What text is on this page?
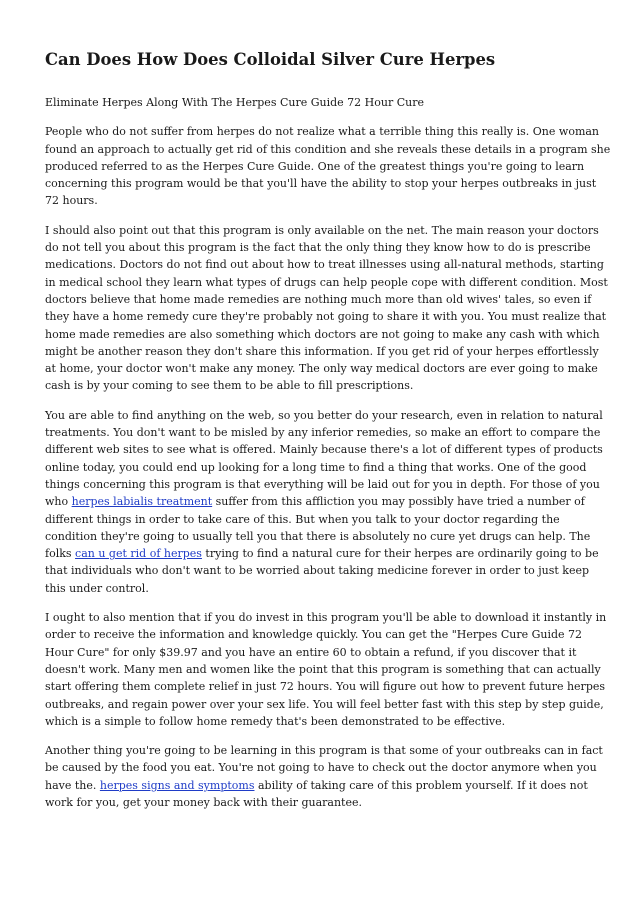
Can Does How Does Colloidal Silver Cure Herpes
Eliminate Herpes Along With The Herpes Cure Guide 72 Hour Cure

People who do not suffer from herpes do not realize what a terrible thing this really is. One woman
found an approach to actually get rid of this condition and she reveals these details in a program she
produced referred to as the Herpes Cure Guide. One of the greatest things you're going to learn
concerning this program would be that you'll have the ability to stop your herpes outbreaks in just
72 hours.

I should also point out that this program is only available on the net. The main reason your doctors
do not tell you about this program is the fact that the only thing they know how to do is prescribe
medications. Doctors do not find out about how to treat illnesses using all-natural methods, starting
in medical school they learn what types of drugs can help people cope with different condition. Most
doctors believe that home made remedies are nothing much more than old wives' tales, so even if
they have a home remedy cure they're probably not going to share it with you. You must realize that
home made remedies are also something which doctors are not going to make any cash with which
might be another reason they don't share this information. If you get rid of your herpes effortlessly
at home, your doctor won't make any money. The only way medical doctors are ever going to make
cash is by your coming to see them to be able to fill prescriptions.

You are able to find anything on the web, so you better do your research, even in relation to natural
treatments. You don't want to be misled by any inferior remedies, so make an effort to compare the
different web sites to see what is offered. Mainly because there's a lot of different types of products
online today, you could end up looking for a long time to find a thing that works. One of the good
things concerning this program is that everything will be laid out for you in depth. For those of you
who herpes labialis treatment suffer from this affliction you may possibly have tried a number of
different things in order to take care of this. But when you talk to your doctor regarding the
condition they're going to usually tell you that there is absolutely no cure yet drugs can help. The
folks can u get rid of herpes trying to find a natural cure for their herpes are ordinarily going to be
that individuals who don't want to be worried about taking medicine forever in order to just keep
this under control.

I ought to also mention that if you do invest in this program you'll be able to download it instantly in
order to receive the information and knowledge quickly. You can get the "Herpes Cure Guide 72
Hour Cure" for only $39.97 and you have an entire 60 to obtain a refund, if you discover that it
doesn't work. Many men and women like the point that this program is something that can actually
start offering them complete relief in just 72 hours. You will figure out how to prevent future herpes
outbreaks, and regain power over your sex life. You will feel better fast with this step by step guide,
which is a simple to follow home remedy that's been demonstrated to be effective.

Another thing you're going to be learning in this program is that some of your outbreaks can in fact
be caused by the food you eat. You're not going to have to check out the doctor anymore when you
have the. herpes signs and symptoms ability of taking care of this problem yourself. If it does not
work for you, get your money back with their guarantee.
